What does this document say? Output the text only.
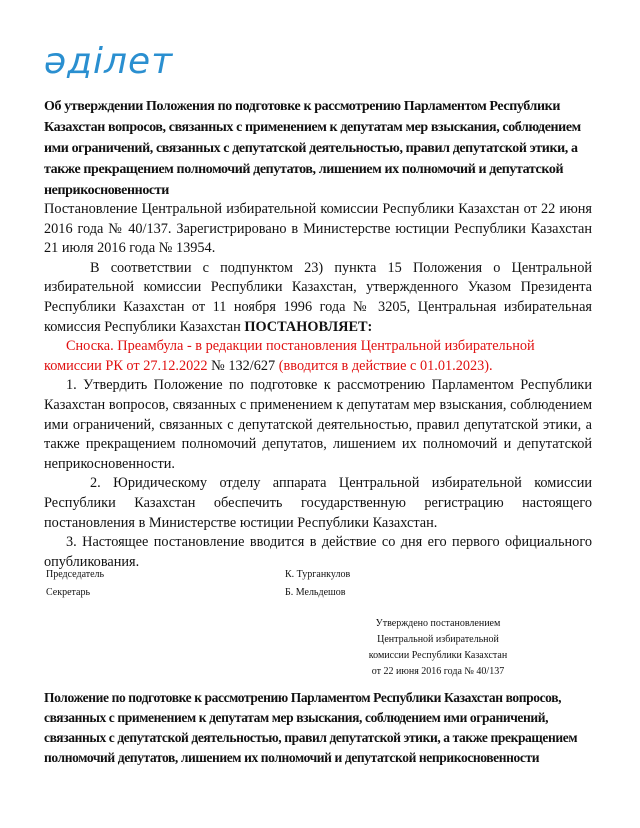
әділет
Об утверждении Положения по подготовке к рассмотрению Парламентом Республики Казахстан вопросов, связанных с применением к депутатам мер взыскания, соблюдением ими ограничений, связанных с депутатской деятельностью, правил депутатской этики, а также прекращением полномочий депутатов, лишением их полномочий и депутатской неприкосновенности

Постановление Центральной избирательной комиссии Республики Казахстан от 22 июня 2016 года № 40/137. Зарегистрировано в Министерстве юстиции Республики Казахстан 21 июля 2016 года № 13954.

В соответствии с подпунктом 23) пункта 15 Положения о Центральной избирательной комиссии Республики Казахстан, утвержденного Указом Президента Республики Казахстан от 11 ноября 1996 года № 3205, Центральная избирательная комиссия Республики Казахстан ПОСТАНОВЛЯЕТ:

Сноска. Преамбула - в редакции постановления Центральной избирательной комиссии РК от 27.12.2022 № 132/627 (вводится в действие с 01.01.2023).

1. Утвердить Положение по подготовке к рассмотрению Парламентом Республики Казахстан вопросов, связанных с применением к депутатам мер взыскания, соблюдением ими ограничений, связанных с депутатской деятельностью, правил депутатской этики, а также прекращением полномочий депутатов, лишением их полномочий и депутатской неприкосновенности.

2. Юридическому отделу аппарата Центральной избирательной комиссии Республики Казахстан обеспечить государственную регистрацию настоящего постановления в Министерстве юстиции Республики Казахстан.

3. Настоящее постановление вводится в действие со дня его первого официального опубликования.

Председатель	К. Турганкулов
Секретарь	Б. Мельдешов
Утверждено постановлением
Центральной избирательной
комиссии Республики Казахстан
от 22 июня 2016 года № 40/137
Положение по подготовке к рассмотрению Парламентом Республики Казахстан вопросов, связанных с применением к депутатам мер взыскания, соблюдением ими ограничений, связанных с депутатской деятельностью, правил депутатской этики, а также прекращением полномочий депутатов, лишением их полномочий и депутатской неприкосновенности
